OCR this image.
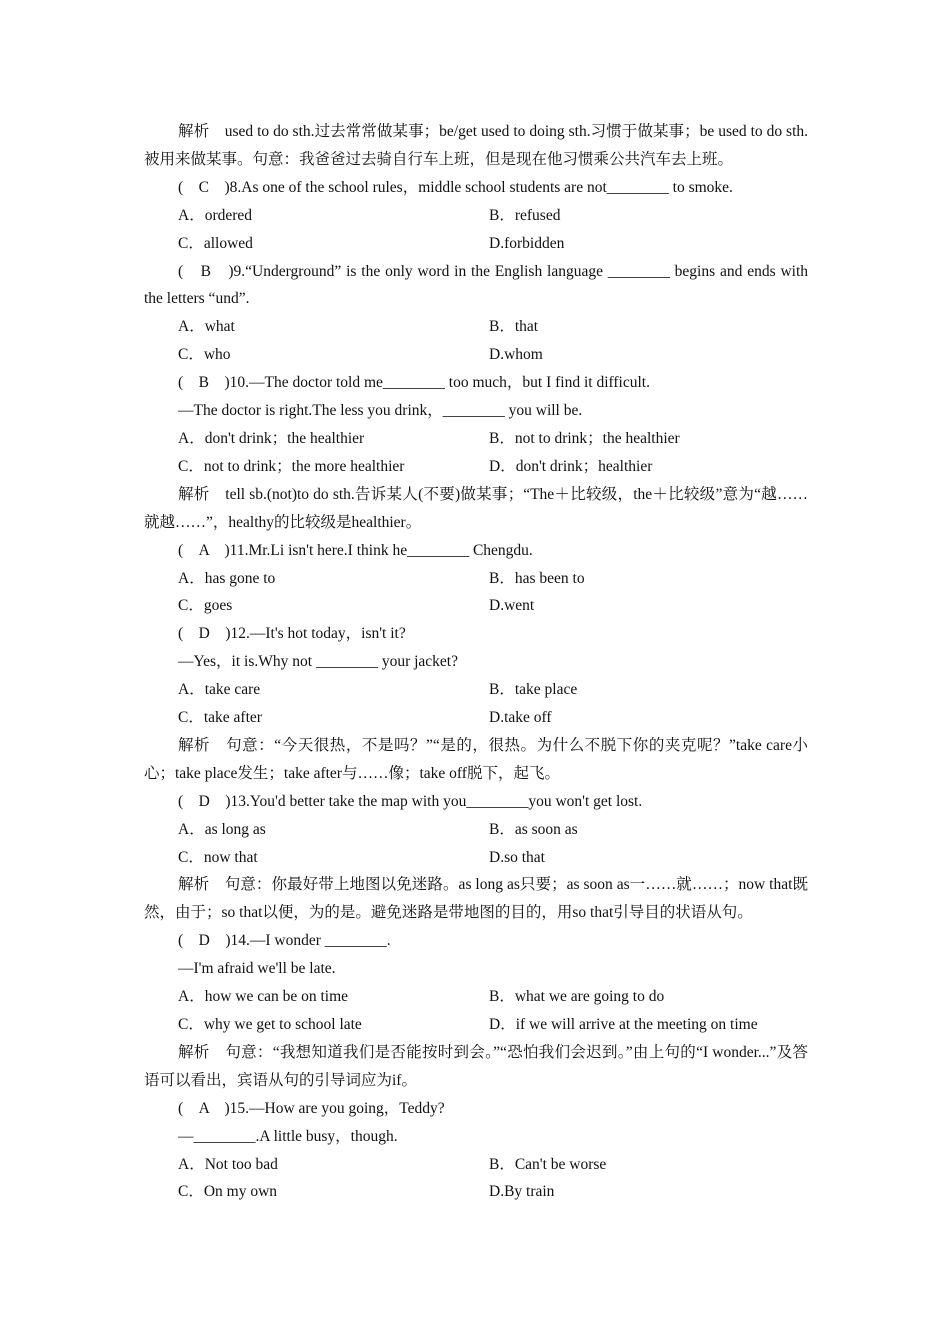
解析　used to do sth.过去常常做某事；be/get used to doing sth.习惯于做某事；be used to do sth.被用来做某事。句意：我爸爸过去骑自行车上班，但是现在他习惯乘公共汽车去上班。

(　C　)8.As one of the school rules，middle school students are not________ to smoke.

A．ordered	B．refused
C．allowed	D.forbidden

(　B　)9.“Underground” is the only word in the English language ________ begins and ends with the letters “und”.

A．what	B．that
C．who	D.whom

(　B　)10.—The doctor told me________ too much，but I find it difficult.

—The doctor is right.The less you drink，________ you will be.

A．don't drink；the healthier	B．not to drink；the healthier
C．not to drink；the more healthier	D．don't drink；healthier

解析　tell sb.(not)to do sth.告诉某人(不要)做某事；“The＋比较级，the＋比较级”意为“越……就越……”，healthy的比较级是healthier。

(　A　)11.Mr.Li isn't here.I think he________ Chengdu.

A．has gone to	B．has been to
C．goes	D.went

(　D　)12.—It's hot today，isn't it?

—Yes，it is.Why not ________ your jacket?

A．take care	B．take place
C．take after	D.take off

解析　句意：“今天很热，不是吗？”“是的，很热。为什么不脱下你的夹克呢？”take care小心；take place发生；take after与……像；take off脱下，起飞。

(　D　)13.You'd better take the map with you________you won't get lost.

A．as long as	B．as soon as
C．now that	D.so that

解析　句意：你最好带上地图以免迷路。as long as只要；as soon as一……就……；now that既然，由于；so that以便，为的是。避免迷路是带地图的目的，用so that引导目的状语从句。

(　D　)14.—I wonder ________.

—I'm afraid we'll be late.

A．how we can be on time	B．what we are going to do
C．why we get to school late	D．if we will arrive at the meeting on time

解析　句意：“我想知道我们是否能按时到会。”“恐怕我们会迟到。”由上句的“I wonder...”及答语可以看出，宾语从句的引导词应为if。

(　A　)15.—How are you going，Teddy?

—________.A little busy，though.

A．Not too bad	B．Can't be worse
C．On my own	D.By train
